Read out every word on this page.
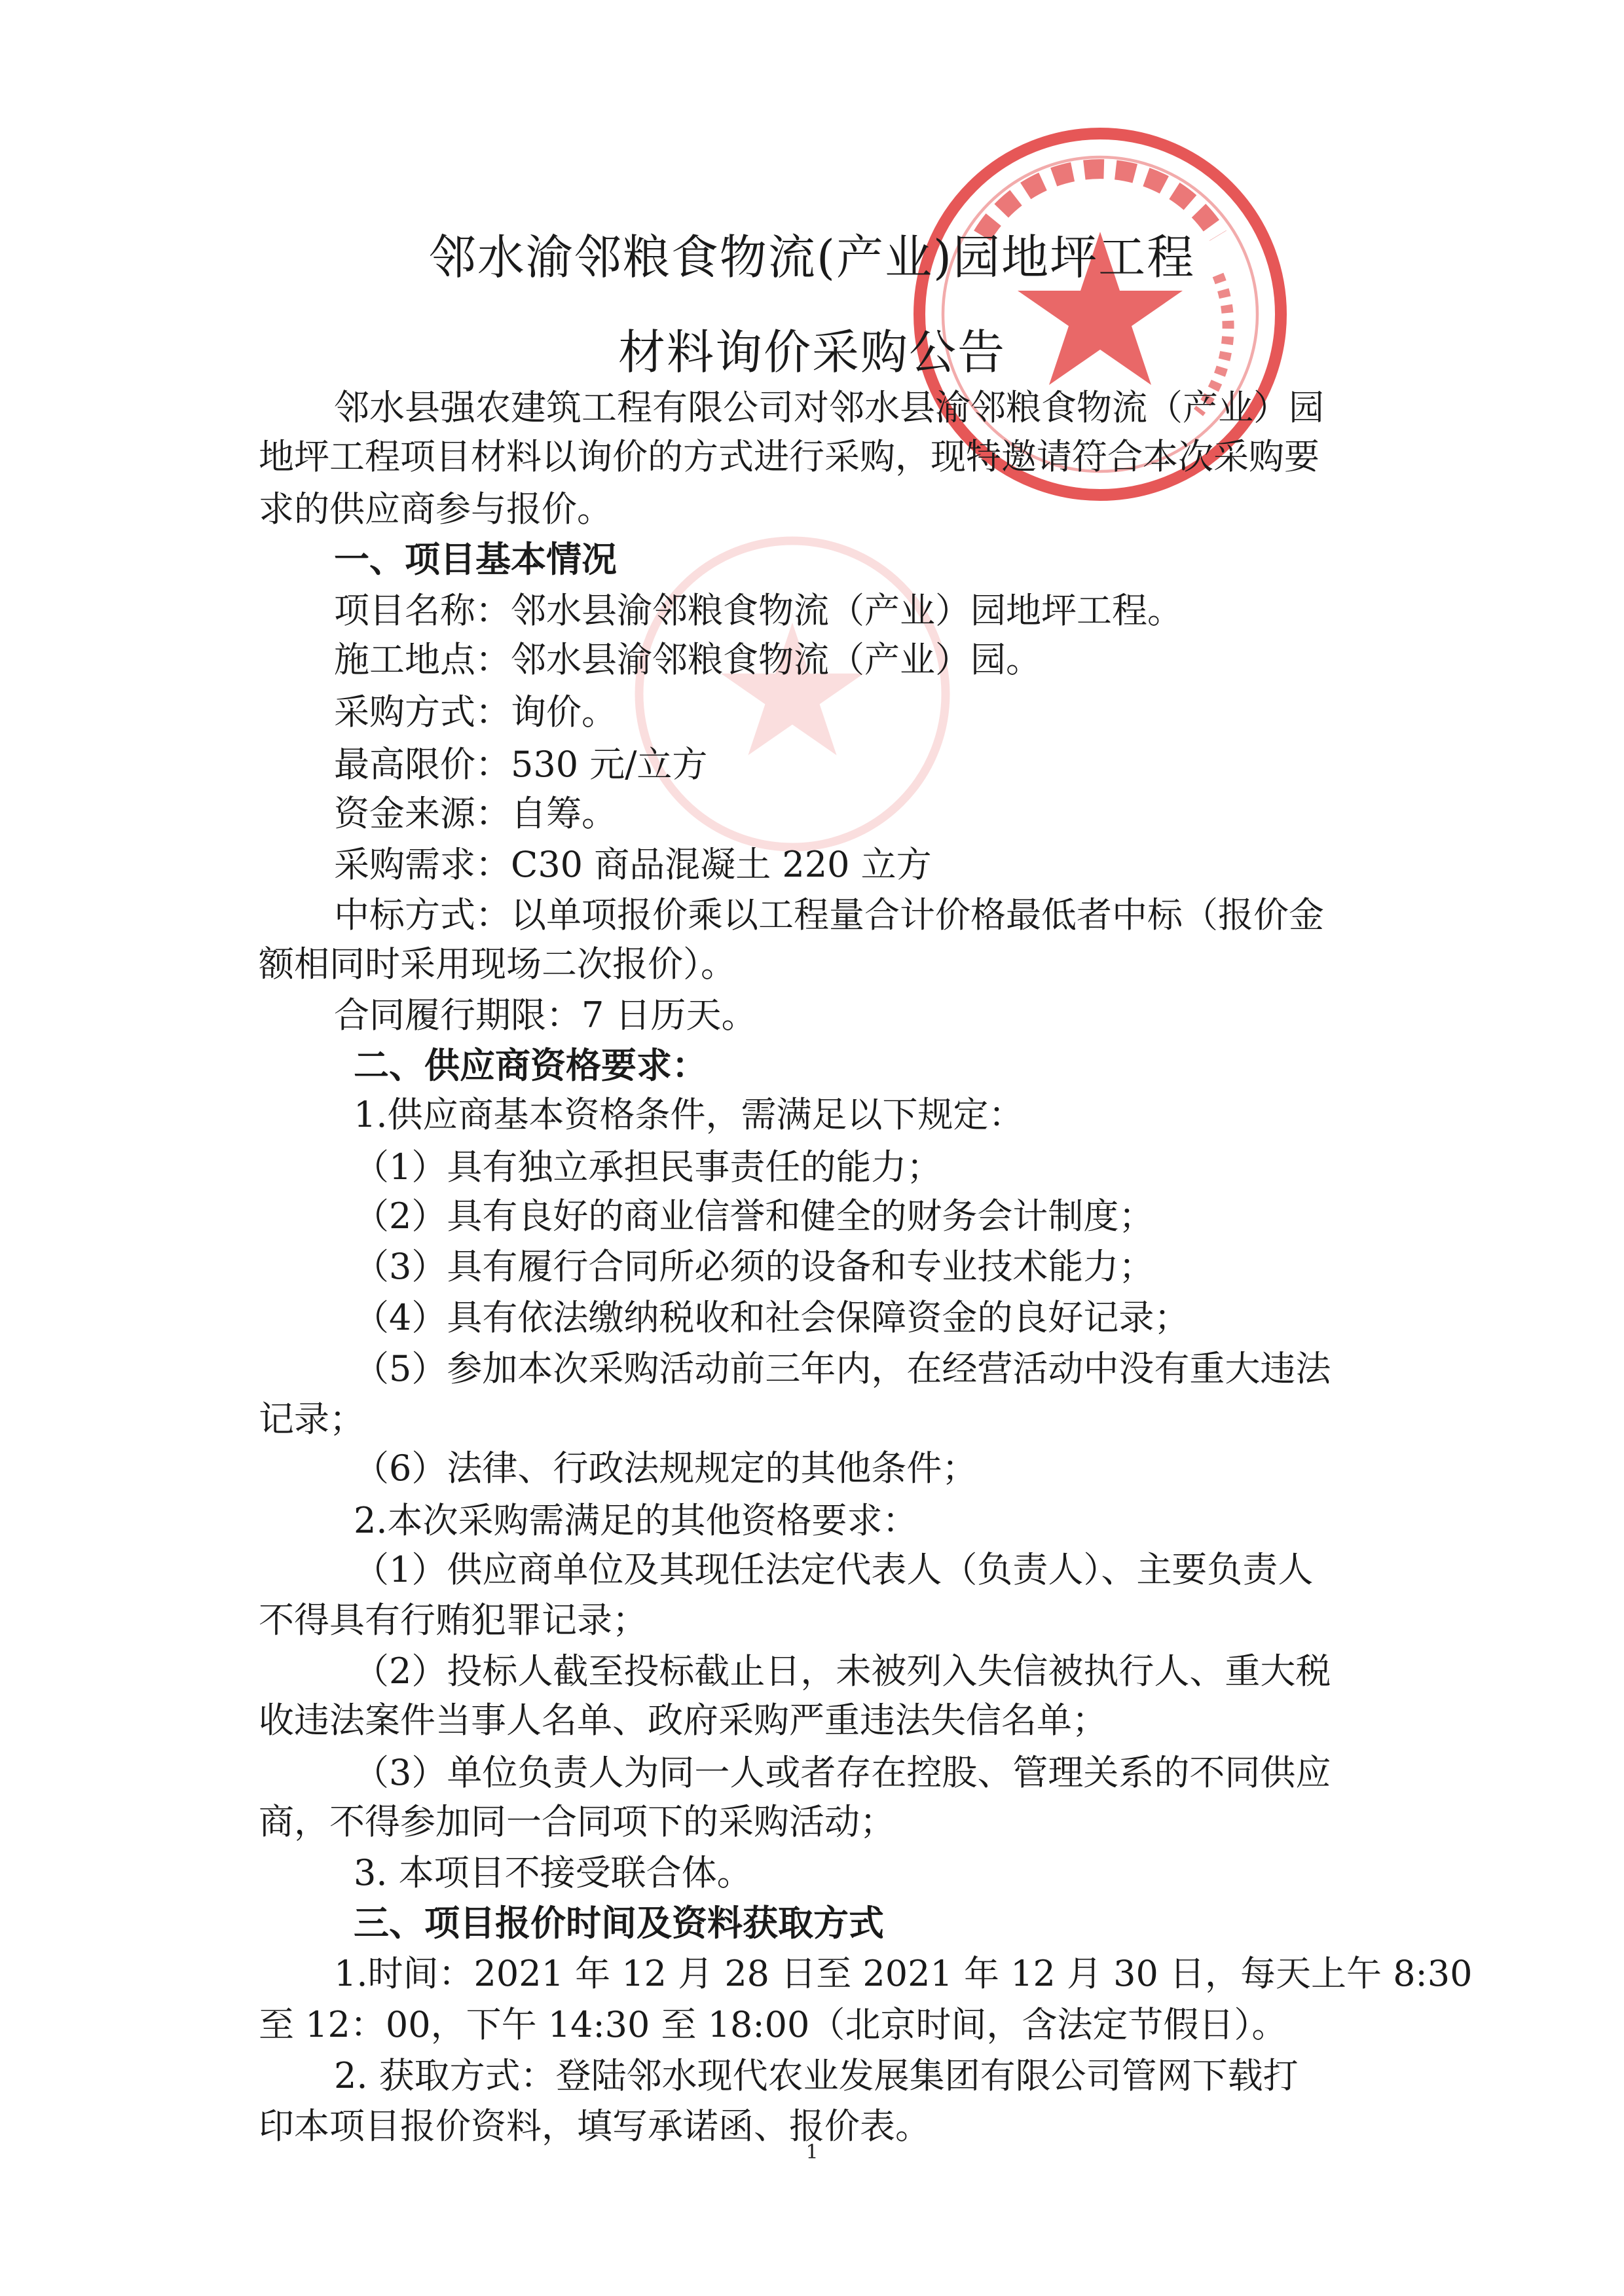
邻水渝邻粮食物流(产业)园地坪工程
材料询价采购公告
邻水县强农建筑工程有限公司对邻水县渝邻粮食物流（产业）园
地坪工程项目材料以询价的方式进行采购，现特邀请符合本次采购要
求的供应商参与报价。
一、项目基本情况
项目名称：邻水县渝邻粮食物流（产业）园地坪工程。
施工地点：邻水县渝邻粮食物流（产业）园。
采购方式：询价。
最高限价：530 元/立方
资金来源：自筹。
采购需求：C30 商品混凝土 220 立方
中标方式：以单项报价乘以工程量合计价格最低者中标（报价金
额相同时采用现场二次报价）。
合同履行期限：7 日历天。
二、供应商资格要求：
1.供应商基本资格条件，需满足以下规定：
（1）具有独立承担民事责任的能力；
（2）具有良好的商业信誉和健全的财务会计制度；
（3）具有履行合同所必须的设备和专业技术能力；
（4）具有依法缴纳税收和社会保障资金的良好记录；
（5）参加本次采购活动前三年内，在经营活动中没有重大违法
记录；
（6）法律、行政法规规定的其他条件；
2.本次采购需满足的其他资格要求：
（1）供应商单位及其现任法定代表人（负责人）、主要负责人
不得具有行贿犯罪记录；
（2）投标人截至投标截止日，未被列入失信被执行人、重大税
收违法案件当事人名单、政府采购严重违法失信名单；
（3）单位负责人为同一人或者存在控股、管理关系的不同供应
商，不得参加同一合同项下的采购活动；
3. 本项目不接受联合体。
三、项目报价时间及资料获取方式
1.时间：2021 年 12 月 28 日至 2021 年 12 月 30 日，每天上午 8:30
至 12：00，下午 14:30 至 18:00（北京时间，含法定节假日）。
2. 获取方式：登陆邻水现代农业发展集团有限公司管网下载打
印本项目报价资料，填写承诺函、报价表。
1
